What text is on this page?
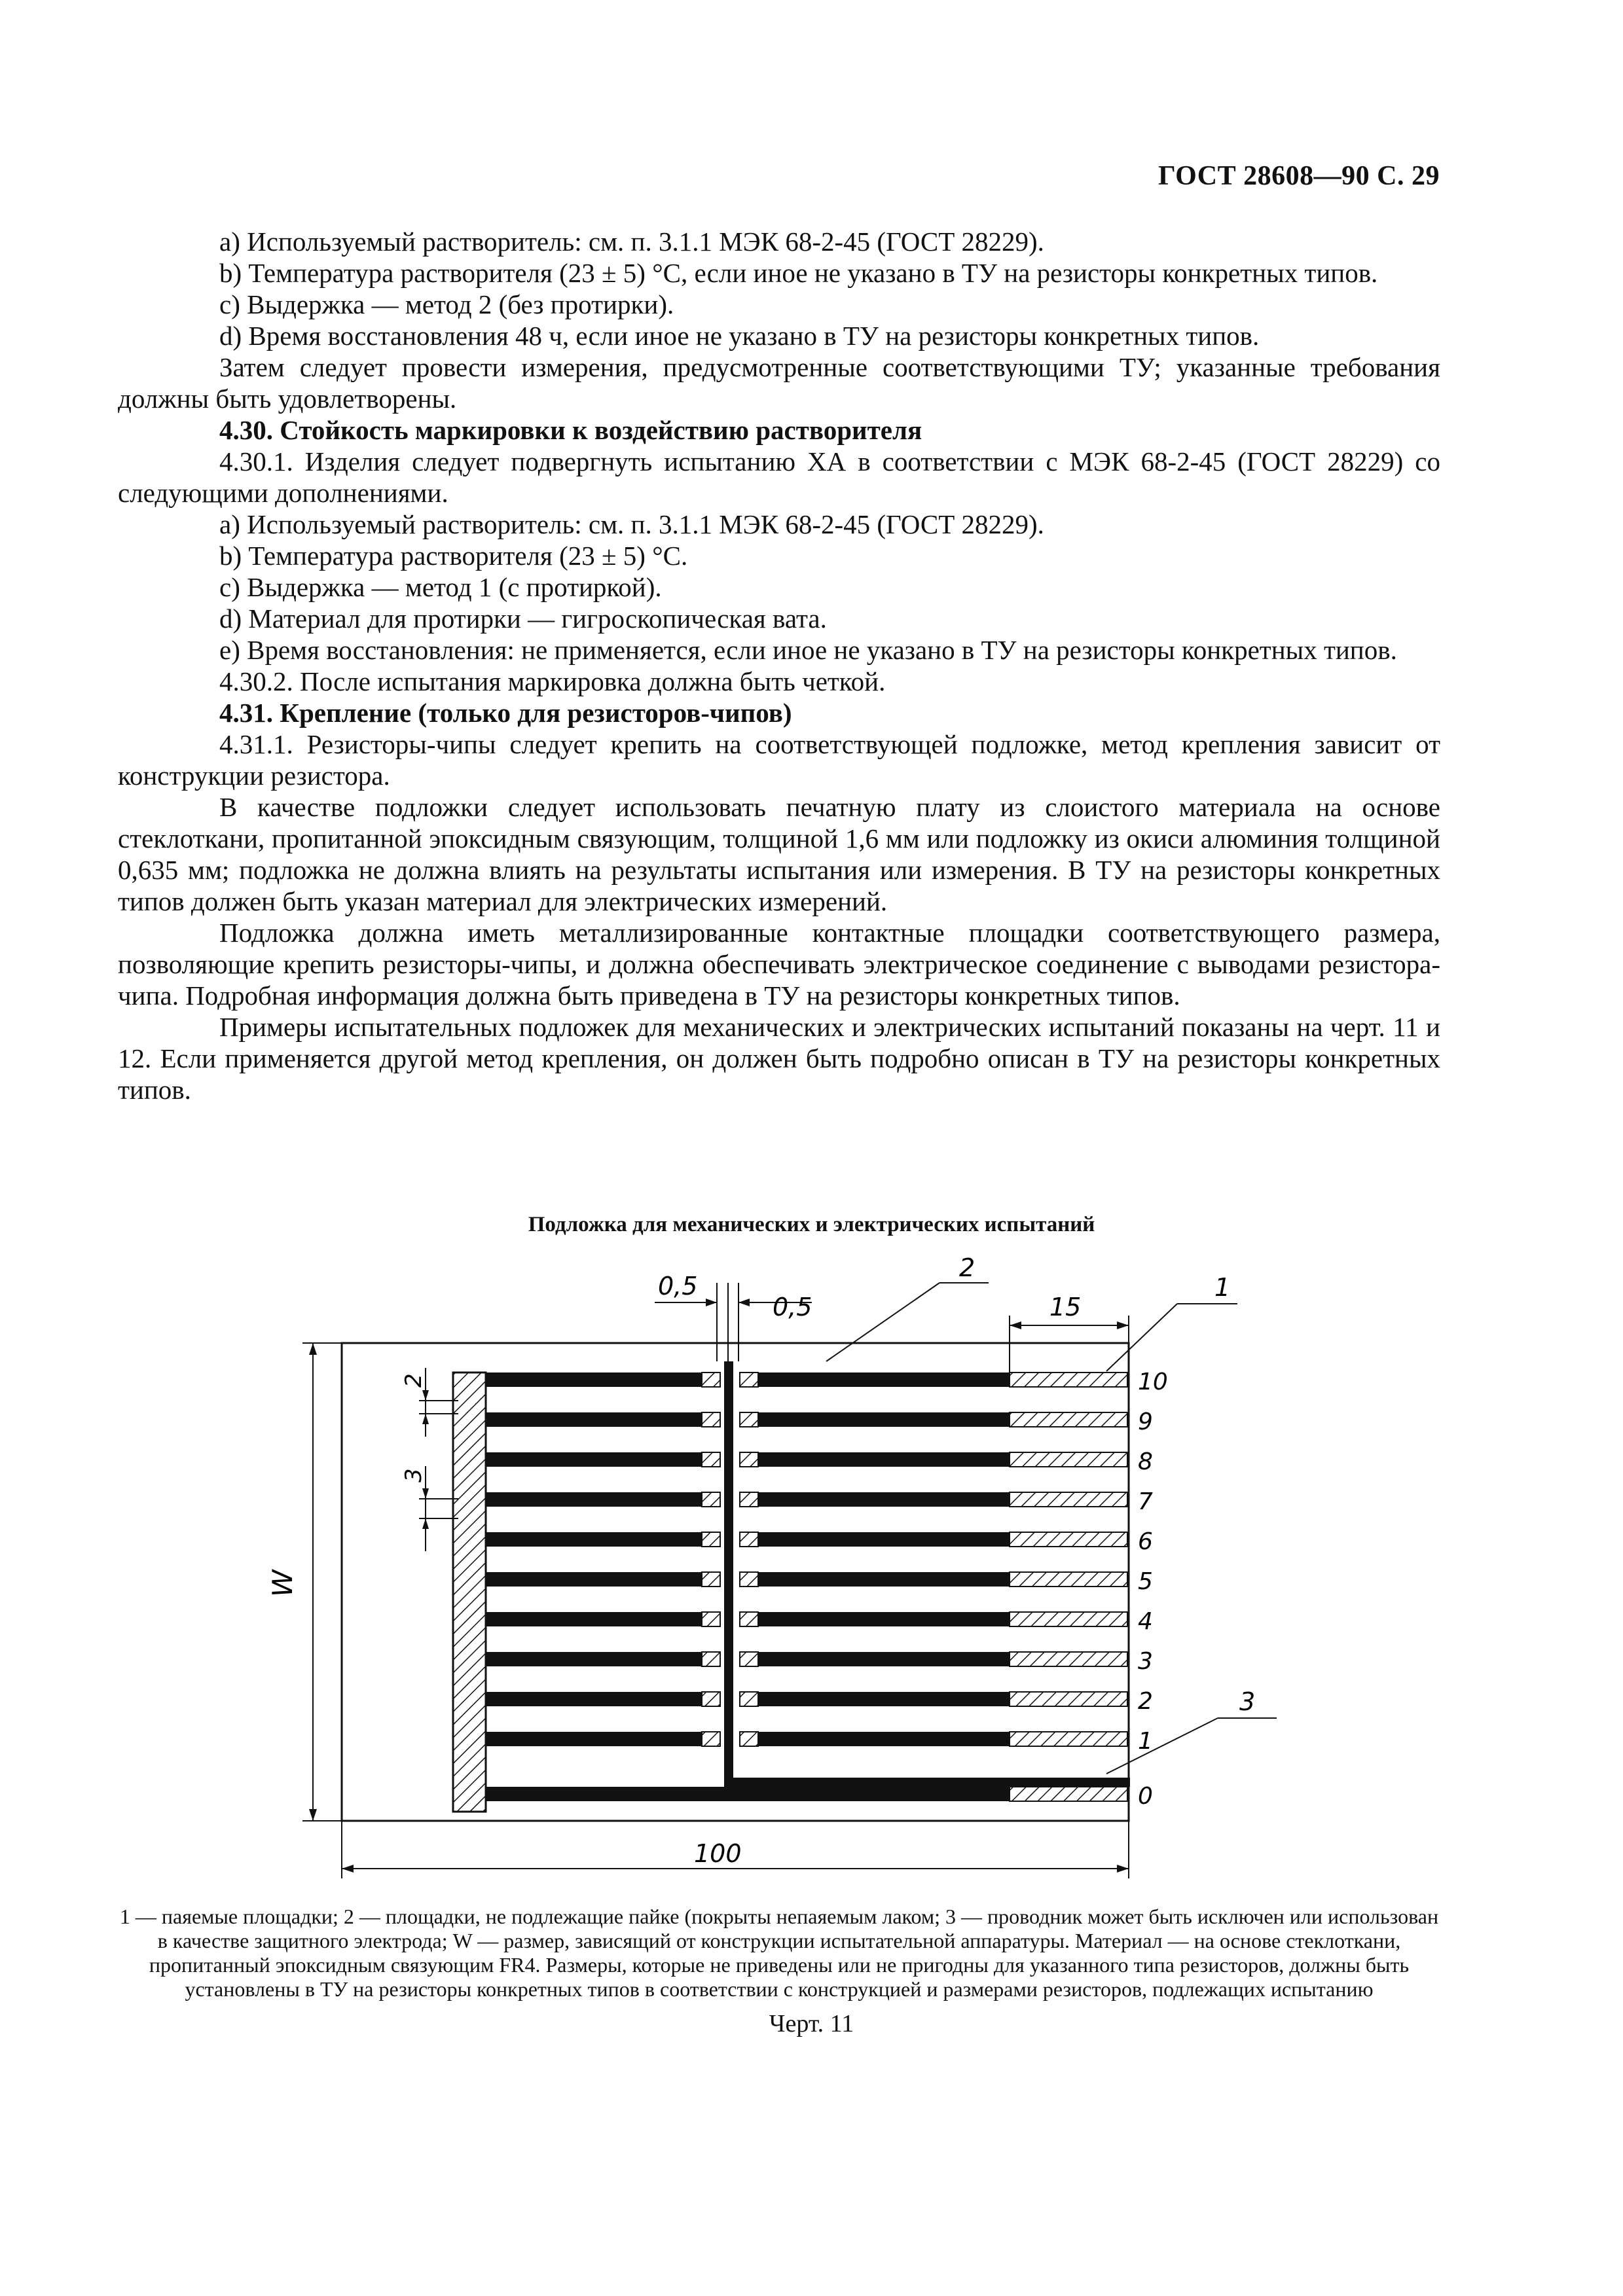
ГОСТ 28608—90 С. 29

а) Используемый растворитель: см. п. 3.1.1 МЭК 68-2-45 (ГОСТ 28229).

b) Температура растворителя (23 ± 5) °С, если иное не указано в ТУ на резисторы конкретных типов.

с) Выдержка — метод 2 (без протирки).

d) Время восстановления 48 ч, если иное не указано в ТУ на резисторы конкретных типов.

Затем следует провести измерения, предусмотренные соответствующими ТУ; указанные требования должны быть удовлетворены.

4.30. Стойкость маркировки к воздействию растворителя

4.30.1. Изделия следует подвергнуть испытанию ХА в соответствии с МЭК 68-2-45 (ГОСТ 28229) со следующими дополнениями.

а) Используемый растворитель: см. п. 3.1.1 МЭК 68-2-45 (ГОСТ 28229).

b) Температура растворителя (23 ± 5) °С.

с) Выдержка — метод 1 (с протиркой).

d) Материал для протирки — гигроскопическая вата.

е) Время восстановления: не применяется, если иное не указано в ТУ на резисторы конкретных типов.

4.30.2. После испытания маркировка должна быть четкой.

4.31. Крепление (только для резисторов-чипов)

4.31.1. Резисторы-чипы следует крепить на соответствующей подложке, метод крепления зависит от конструкции резистора.

В качестве подложки следует использовать печатную плату из слоистого материала на основе стеклоткани, пропитанной эпоксидным связующим, толщиной 1,6 мм или подложку из окиси алюминия толщиной 0,635 мм; подложка не должна влиять на результаты испытания или измерения. В ТУ на резисторы конкретных типов должен быть указан материал для электрических измерений.

Подложка должна иметь металлизированные контактные площадки соответствующего размера, позволяющие крепить резисторы-чипы, и должна обеспечивать электрическое соединение с выводами резистора-чипа. Подробная информация должна быть приведена в ТУ на резисторы конкретных типов.

Примеры испытательных подложек для механических и электрических испытаний показаны на черт. 11 и 12. Если применяется другой метод крепления, он должен быть подробно описан в ТУ на резисторы конкретных типов.

Подложка для механических и электрических испытаний
0,5
0,5	15
2
1
3
W
100
2
3
10
9
8
7
6
5
4
3
2
1
0
1 — паяемые площадки; 2 — площадки, не подлежащие пайке (покрыты непаяемым лаком; 3 — проводник может быть исключен или использован в качестве защитного электрода; W — размер, зависящий от конструкции испытательной аппаратуры. Материал — на основе стеклоткани, пропитанный эпоксидным связующим FR4. Размеры, которые не приведены или не пригодны для указанного типа резисторов, должны быть установлены в ТУ на резисторы конкретных типов в соответствии с конструкцией и размерами резисторов, подлежащих испытанию
Черт. 11
